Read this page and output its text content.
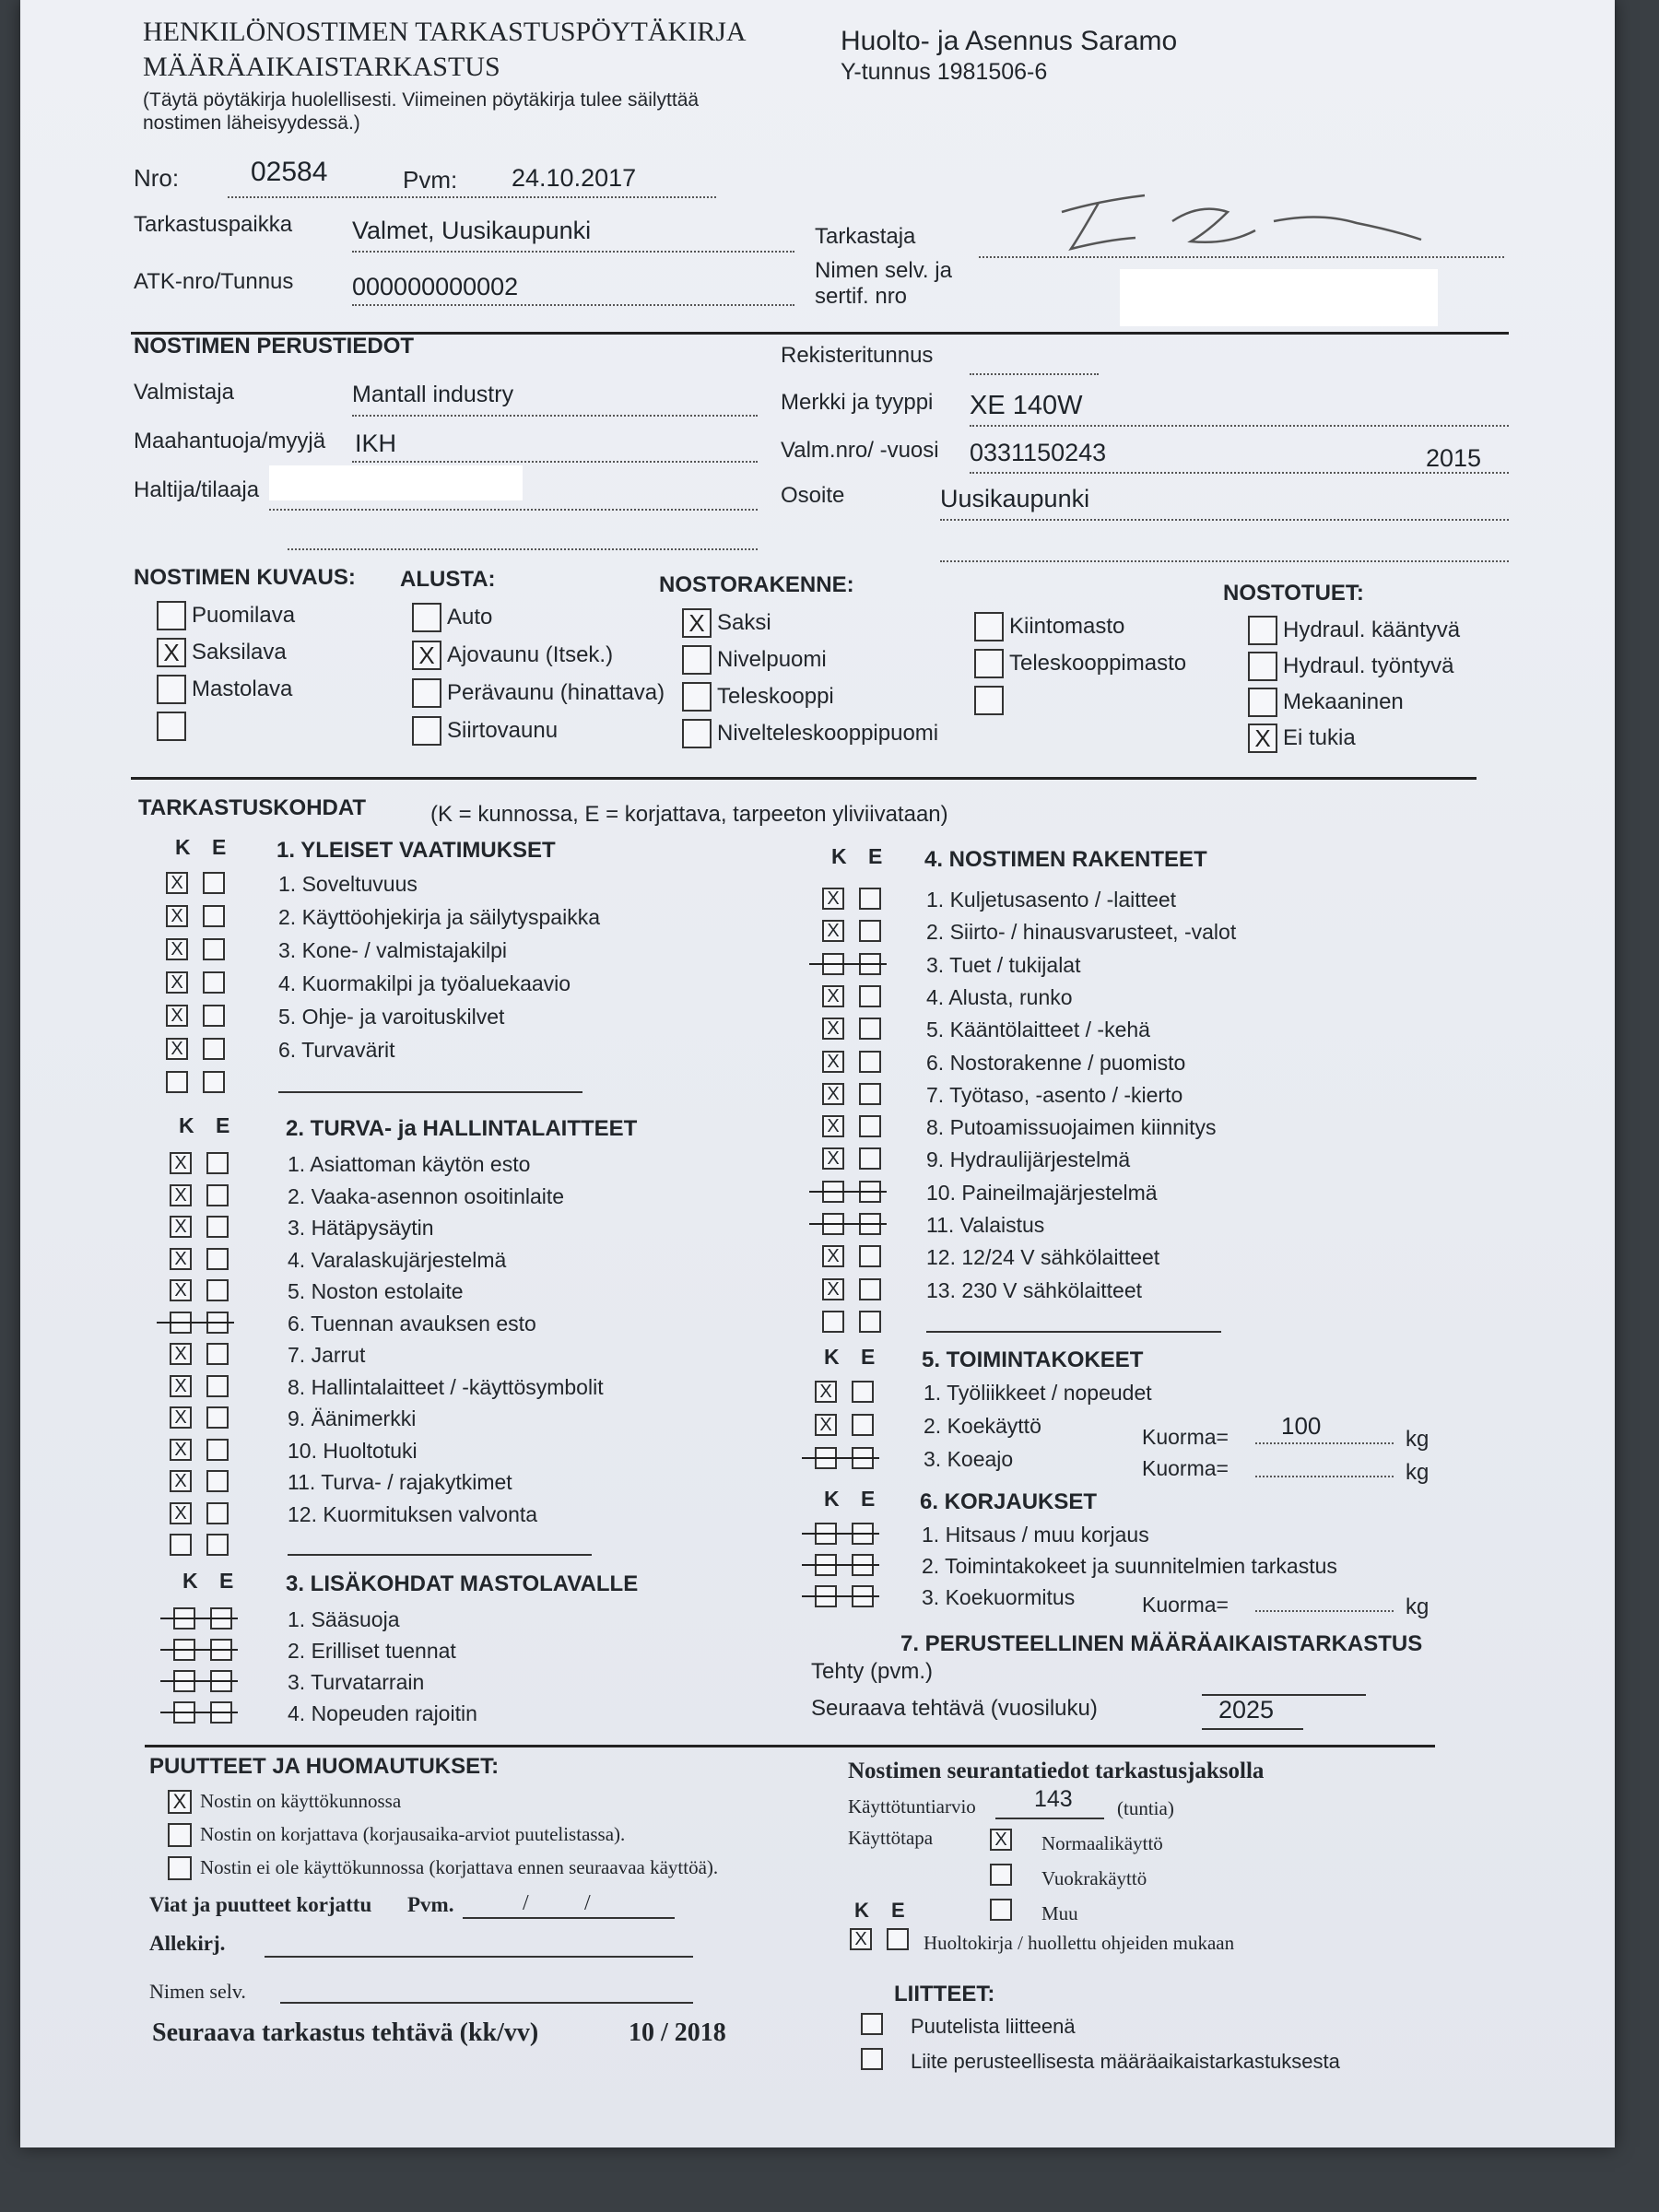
HENKILÖNOSTIMEN TARKASTUSPÖYTÄKIRJA
MÄÄRÄAIKAISTARKASTUS
(Täytä pöytäkirja huolellisesti. Viimeinen pöytäkirja tulee säilyttää
nostimen läheisyydessä.)
Huolto- ja Asennus Saramo
Y-tunnus 1981506-6
Nro:	02584	Pvm: 24.10.2017
Tarkastuspaikka Valmet, Uusikaupunki
ATK-nro/Tunnus 000000000002
Tarkastaja
Nimen selv. ja
sertif. nro
NOSTIMEN PERUSTIEDOT	Rekisteritunnus
Valmistaja	Mantall industry	Merkki ja tyyppi XE 140W
Maahantuoja/myyjä IKH	Valm.nro/ -vuosi 0331150243	2015
Haltija/tilaaja	Osoite	Uusikaupunki
NOSTIMEN KUVAUS: ALUSTA:	NOSTORAKENNE:	NOSTOTUET:
TARKASTUSKOHDAT	(K = kunnossa, E = korjattava, tarpeeton yliviivataan)
Kuorma= 100	kg
Kuorma=	kg
Kuorma=	kg
7. PERUSTEELLINEN MÄÄRÄAIKAISTARKASTUS
Tehty (pvm.)
Seuraava tehtävä (vuosiluku)	2025
PUUTTEET JA HUOMAUTUKSET:
Viat ja puutteet korjattu Pvm.	/	/
Allekirj.
Nimen selv.
Seuraava tarkastus tehtävä (kk/vv)	10 / 2018
Nostimen seurantatiedot tarkastusjaksolla
Käyttötuntiarvio	143 (tuntia)
Käyttötapa
K E
X	Huoltokirja / huollettu ohjeiden mukaan
LIITTEET:
Puomilava
X Saksilava
Mastolava
Auto
X Ajovaunu (Itsek.)
Perävaunu (hinattava)
Siirtovaunu
X Saksi
Nivelpuomi
Teleskooppi
Nivelteleskooppipuomi
Kiintomasto
Teleskooppimasto
Hydraul. kääntyvä
Hydraul. työntyvä
Mekaaninen
X Ei tukia
K E 1. YLEISET VAATIMUKSET
X	1. Soveltuvuus
X	2. Käyttöohjekirja ja säilytyspaikka
X	3. Kone- / valmistajakilpi
X	4. Kuormakilpi ja työaluekaavio
X	5. Ohje- ja varoituskilvet
X	6. Turvavärit
K E	2. TURVA- ja HALLINTALAITTEET
X	1. Asiattoman käytön esto
X	2. Vaaka-asennon osoitinlaite
X	3. Hätäpysäytin
X	4. Varalaskujärjestelmä
X	5. Noston estolaite
6. Tuennan avauksen esto
X	7. Jarrut
X	8. Hallintalaitteet / -käyttösymbolit
X	9. Äänimerkki
X	10. Huoltotuki
X	11. Turva- / rajakytkimet
X	12. Kuormituksen valvonta
K E 3. LISÄKOHDAT MASTOLAVALLE
1. Sääsuoja
2. Erilliset tuennat
3. Turvatarrain
4. Nopeuden rajoitin
K E 4. NOSTIMEN RAKENTEET
X	1. Kuljetusasento / -laitteet
X	2. Siirto- / hinausvarusteet, -valot
3. Tuet / tukijalat
X	4. Alusta, runko
X	5. Kääntölaitteet / -kehä
X	6. Nostorakenne / puomisto
X	7. Työtaso, -asento / -kierto
X	8. Putoamissuojaimen kiinnitys
X	9. Hydraulijärjestelmä
10. Paineilmajärjestelmä
11. Valaistus
X	12. 12/24 V sähkölaitteet
X	13. 230 V sähkölaitteet
K E 5. TOIMINTAKOKEET
X	1. Työliikkeet / nopeudet
X	2. Koekäyttö
3. Koeajo
K E 6. KORJAUKSET
1. Hitsaus / muu korjaus
2. Toimintakokeet ja suunnitelmien tarkastus
3. Koekuormitus
X Nostin on käyttökunnossa
Nostin on korjattava (korjausaika-arviot puutelistassa).
Nostin ei ole käyttökunnossa (korjattava ennen seuraavaa käyttöä).
X Normaalikäyttö
Vuokrakäyttö
Muu
Puutelista liitteenä
Liite perusteellisesta määräaikaistarkastuksesta
